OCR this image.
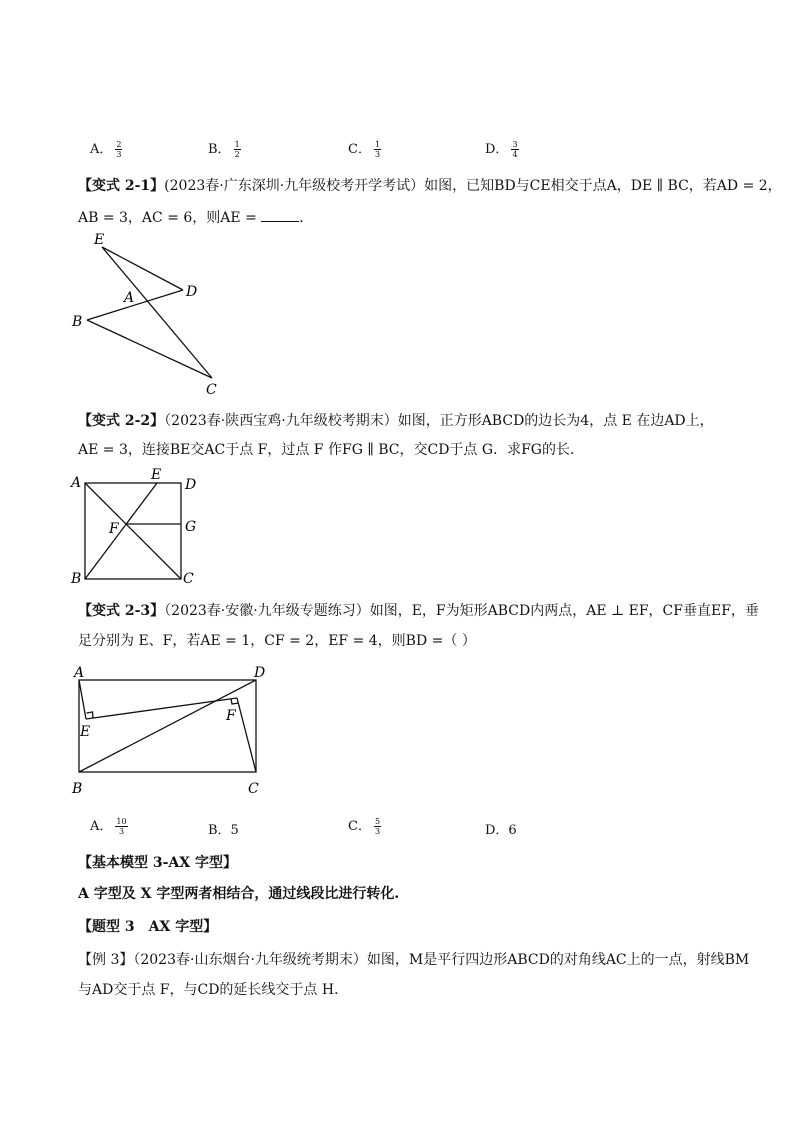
A． $\frac{2}{3}$	B． $\frac{1}{2}$	C． $\frac{1}{3}$	D． $\frac{3}{4}$
【变式 2-1】(2023春·广东深圳·九年级校考开学考试）如图，已知BD与CE相交于点A，DE ∥ BC，若AD = 2，
AB = 3，AC = 6，则AE =	．
E
D
A
B
C
【变式 2-2】（2023春·陕西宝鸡·九年级校考期末）如图，正方形ABCD的边长为4，点 E 在边AD上，
AE = 3，连接BE交AC于点 F，过点 F 作FG ∥ BC，交CD于点 G．求FG的长．
A	E
D
F	G
B	C
【变式 2-3】（2023春·安徽·九年级专题练习）如图，E，F为矩形ABCD内两点，AE ⊥ EF，CF垂直EF，垂
足分别为 E、F，若AE = 1，CF = 2，EF = 4，则BD =（ ）
A	D
E
F
B	C
A． $\frac{10}{3}$	B．5	C． $\frac{5}{3}$	D．6
【基本模型 3-AX 字型】
A 字型及 X 字型两者相结合，通过线段比进行转化.
【题型 3　AX 字型】
【例 3】（2023春·山东烟台·九年级统考期末）如图，M是平行四边形ABCD的对角线AC上的一点，射线BM
与AD交于点 F，与CD的延长线交于点 H．
